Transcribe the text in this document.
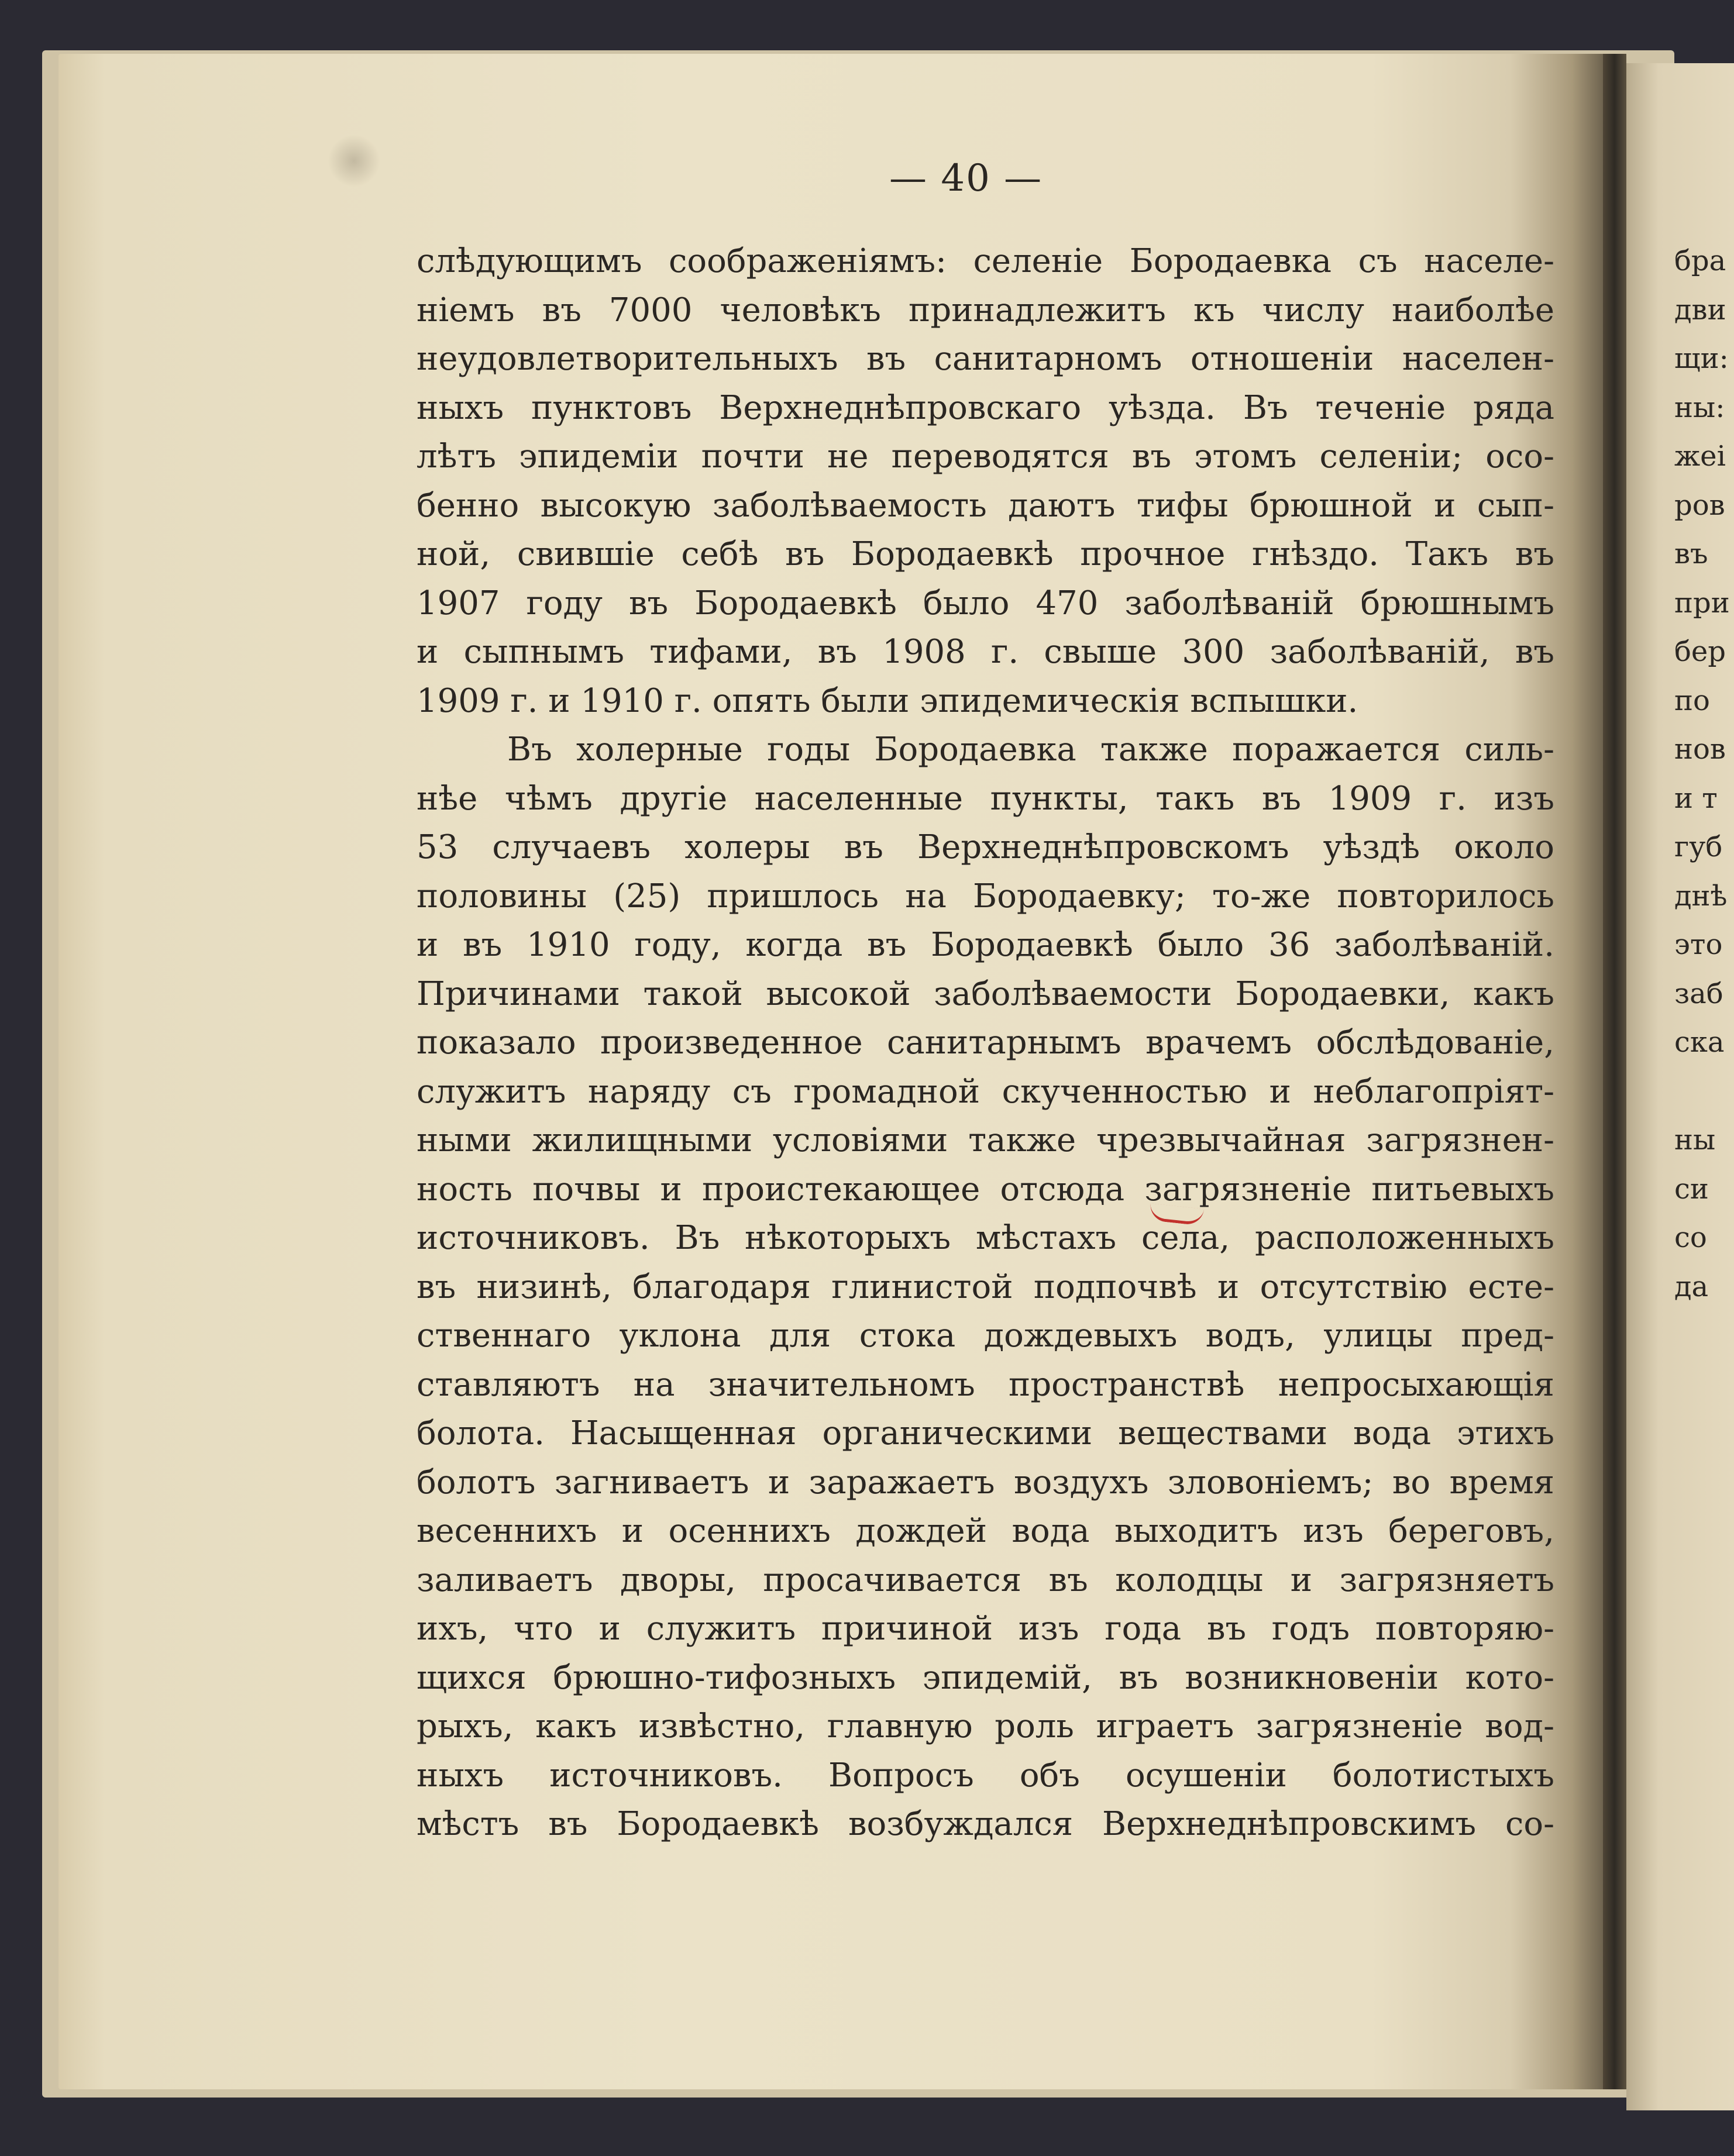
— 40 —
слѣдующимъ соображеніямъ: селеніе Бородаевка съ населе-
ніемъ въ 7000 человѣкъ принадлежитъ къ числу наиболѣе
неудовлетворительныхъ въ санитарномъ отношеніи населен-
ныхъ пунктовъ Верхнеднѣпровскаго уѣзда. Въ теченіе ряда
лѣтъ эпидеміи почти не переводятся въ этомъ селеніи; осо-
бенно высокую заболѣваемость даютъ тифы брюшной и сып-
ной, свившіе себѣ въ Бородаевкѣ прочное гнѣздо. Такъ въ
1907 году въ Бородаевкѣ было 470 заболѣваній брюшнымъ
и сыпнымъ тифами, въ 1908 г. свыше 300 заболѣваній, въ
1909 г. и 1910 г. опять были эпидемическія вспышки.
Въ холерные годы Бородаевка также поражается силь-
нѣе чѣмъ другіе населенные пункты, такъ въ 1909 г. изъ
53 случаевъ холеры въ Верхнеднѣпровскомъ уѣздѣ около
половины (25) пришлось на Бородаевку; то-же повторилось
и въ 1910 году, когда въ Бородаевкѣ было 36 заболѣваній.
Причинами такой высокой заболѣваемости Бородаевки, какъ
показало произведенное санитарнымъ врачемъ обслѣдованіе,
служитъ наряду съ громадной скученностью и неблагопріят-
ными жилищными условіями также чрезвычайная загрязнен-
ность почвы и проистекающее отсюда загрязненіе питьевыхъ
источниковъ. Въ нѣкоторыхъ мѣстахъ села, расположенныхъ
въ низинѣ, благодаря глинистой подпочвѣ и отсутствію есте-
ственнаго уклона для стока дождевыхъ водъ, улицы пред-
ставляютъ на значительномъ пространствѣ непросыхающія
болота. Насыщенная органическими веществами вода этихъ
болотъ загниваетъ и заражаетъ воздухъ зловоніемъ; во время
весеннихъ и осеннихъ дождей вода выходитъ изъ береговъ,
заливаетъ дворы, просачивается въ колодцы и загрязняетъ
ихъ, что и служитъ причиной изъ года въ годъ повторяю-
щихся брюшно-тифозныхъ эпидемій, въ возникновеніи кото-
рыхъ, какъ извѣстно, главную роль играетъ загрязненіе вод-
ныхъ источниковъ. Вопросъ объ осушеніи болотистыхъ
мѣстъ въ Бородаевкѣ возбуждался Верхнеднѣпровскимъ со-
бра
дви
щи:
ны:
жеі
ров
въ
при
бер
по
нов
и т
губ
днѣ
это
заб
ска
ны
си
со
да
